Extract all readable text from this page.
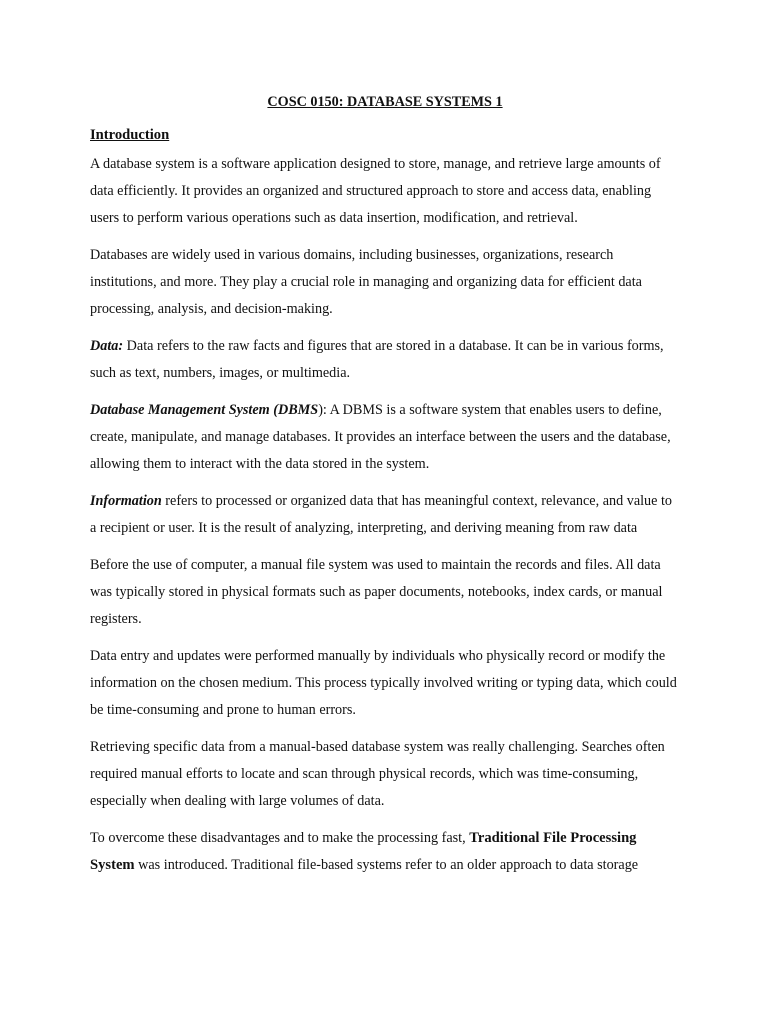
COSC 0150: DATABASE SYSTEMS 1
Introduction

A database system is a software application designed to store, manage, and retrieve large amounts of data efficiently. It provides an organized and structured approach to store and access data, enabling users to perform various operations such as data insertion, modification, and retrieval.

Databases are widely used in various domains, including businesses, organizations, research institutions, and more. They play a crucial role in managing and organizing data for efficient data processing, analysis, and decision-making.

Data: Data refers to the raw facts and figures that are stored in a database. It can be in various forms, such as text, numbers, images, or multimedia.

Database Management System (DBMS): A DBMS is a software system that enables users to define, create, manipulate, and manage databases. It provides an interface between the users and the database, allowing them to interact with the data stored in the system.

Information refers to processed or organized data that has meaningful context, relevance, and value to a recipient or user. It is the result of analyzing, interpreting, and deriving meaning from raw data

Before the use of computer, a manual file system was used to maintain the records and files. All data was typically stored in physical formats such as paper documents, notebooks, index cards, or manual registers.

Data entry and updates were performed manually by individuals who physically record or modify the information on the chosen medium. This process typically involved writing or typing data, which could be time-consuming and prone to human errors.

Retrieving specific data from a manual-based database system was really challenging. Searches often required manual efforts to locate and scan through physical records, which was time-consuming, especially when dealing with large volumes of data.

To overcome these disadvantages and to make the processing fast, Traditional File Processing System was introduced. Traditional file-based systems refer to an older approach to data storage
